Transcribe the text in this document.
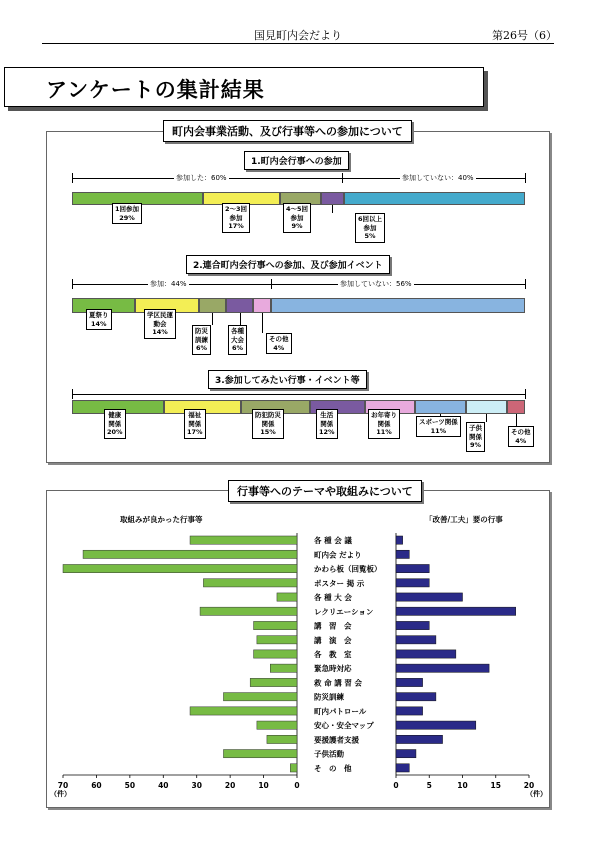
国見町内会だより	第26号（6）
アンケートの集計結果
町内会事業活動、及び行事等への参加について
1.町内会行事への参加
参加した：60%	参加していない：40%
1回参加
29%
2～3回
参加
17%
4～5回
参加
9%
6回以上
参加
5%
2.連合町内会行事への参加、及び参加イベント
参加：44%	参加していない：56%
夏祭り
14%
学区民運
動会
14%	防災
訓練
6%
各種
大会
6%
その他
4%
3.参加してみたい行事・イベント等
健康
関係
20%
福祉
関係
17%
防犯防災
関係
15%
生活
関係
12%
お年寄り
関係
11%
スポーツ関係
11%	子供
関係
9%
その他
4%
行事等へのテーマや取組みについて
取組みが良かった行事等	「改善/工夫」要の行事
70	60	50	40	30	20	10	0	0	5	10	15	20
各 種 会 議
町内会 だより
かわら板（回覧板）
ポスター 掲 示
各 種 大 会
レクリエーション
講　習　会
講　演　会
各　教　室
緊急時対応
救 命 講 習 会
防災訓練
町内パトロール
安心・安全マップ
要援護者支援
子供活動
そ　の　他
（件）	（件）
